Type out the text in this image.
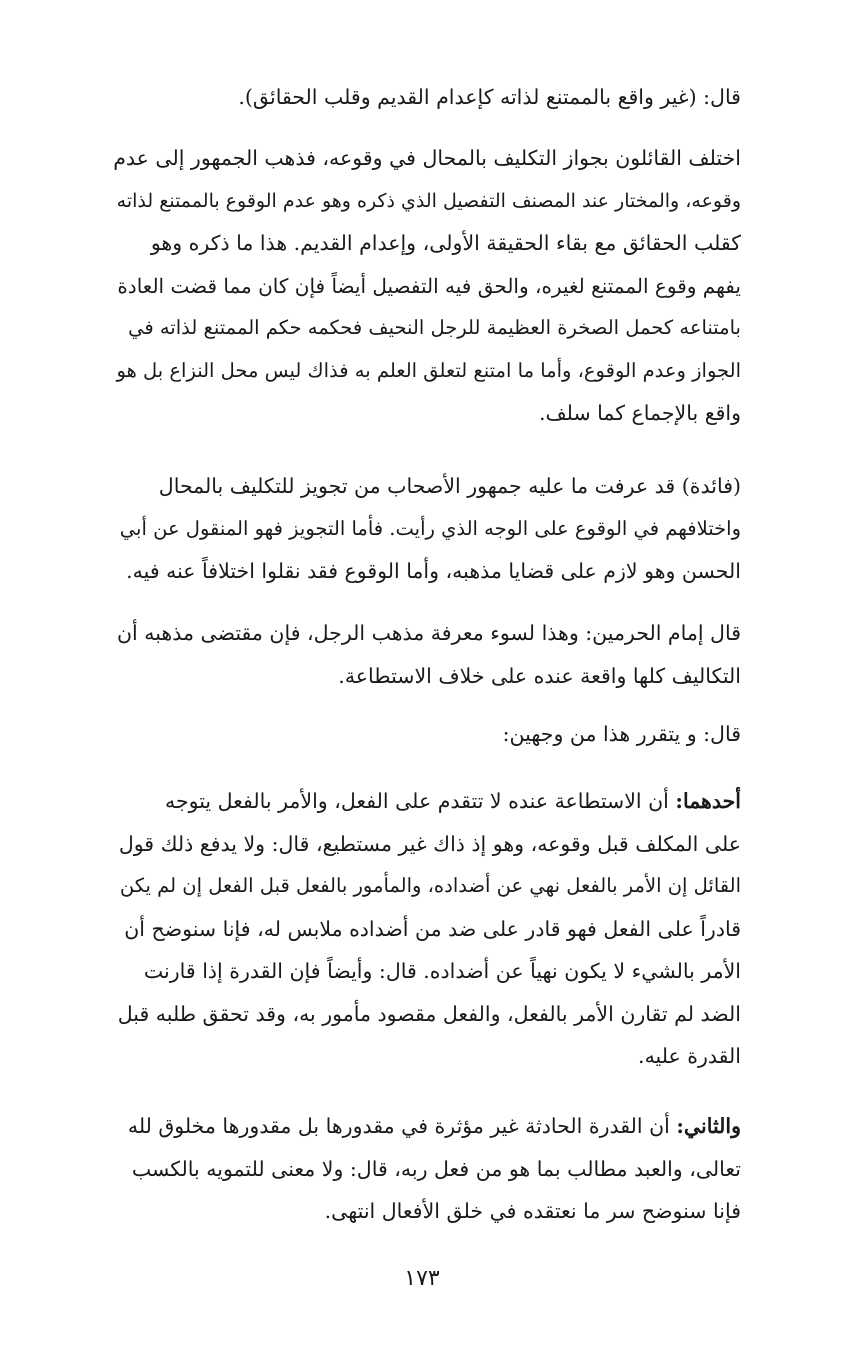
قال: (غير واقع بالممتنع لذاته كإعدام القديم وقلب الحقائق).

اختلف القائلون بجواز التكليف بالمحال في وقوعه، فذهب الجمهور إلى عدم
وقوعه، والمختار عند المصنف التفصيل الذي ذكره وهو عدم الوقوع بالممتنع لذاته
كقلب الحقائق مع بقاء الحقيقة الأولى، وإعدام القديم. هذا ما ذكره وهو
يفهم وقوع الممتنع لغيره، والحق فيه التفصيل أيضاً فإن كان مما قضت العادة
بامتناعه كحمل الصخرة العظيمة للرجل النحيف فحكمه حكم الممتنع لذاته في
الجواز وعدم الوقوع، وأما ما امتنع لتعلق العلم به فذاك ليس محل النزاع بل هو
واقع بالإجماع كما سلف.

(فائدة) قد عرفت ما عليه جمهور الأصحاب من تجويز للتكليف بالمحال
واختلافهم في الوقوع على الوجه الذي رأيت. فأما التجويز فهو المنقول عن أبي
الحسن وهو لازم على قضايا مذهبه، وأما الوقوع فقد نقلوا اختلافاً عنه فيه.

قال إمام الحرمين: وهذا لسوء معرفة مذهب الرجل، فإن مقتضى مذهبه أن
التكاليف كلها واقعة عنده على خلاف الاستطاعة.

قال: و يتقرر هذا من وجهين:

أحدهما: أن الاستطاعة عنده لا تتقدم على الفعل، والأمر بالفعل يتوجه
على المكلف قبل وقوعه، وهو إذ ذاك غير مستطيع، قال: ولا يدفع ذلك قول
القائل إن الأمر بالفعل نهي عن أضداده، والمأمور بالفعل قبل الفعل إن لم يكن
قادراً على الفعل فهو قادر على ضد من أضداده ملابس له، فإنا سنوضح أن
الأمر بالشيء لا يكون نهياً عن أضداده. قال: وأيضاً فإن القدرة إذا قارنت
الضد لم تقارن الأمر بالفعل، والفعل مقصود مأمور به، وقد تحقق طلبه قبل
القدرة عليه.

والثاني: أن القدرة الحادثة غير مؤثرة في مقدورها بل مقدورها مخلوق لله
تعالى، والعبد مطالب بما هو من فعل ربه، قال: ولا معنى للتمويه بالكسب
فإنا سنوضح سر ما نعتقده في خلق الأفعال انتهى.

١٧٣
